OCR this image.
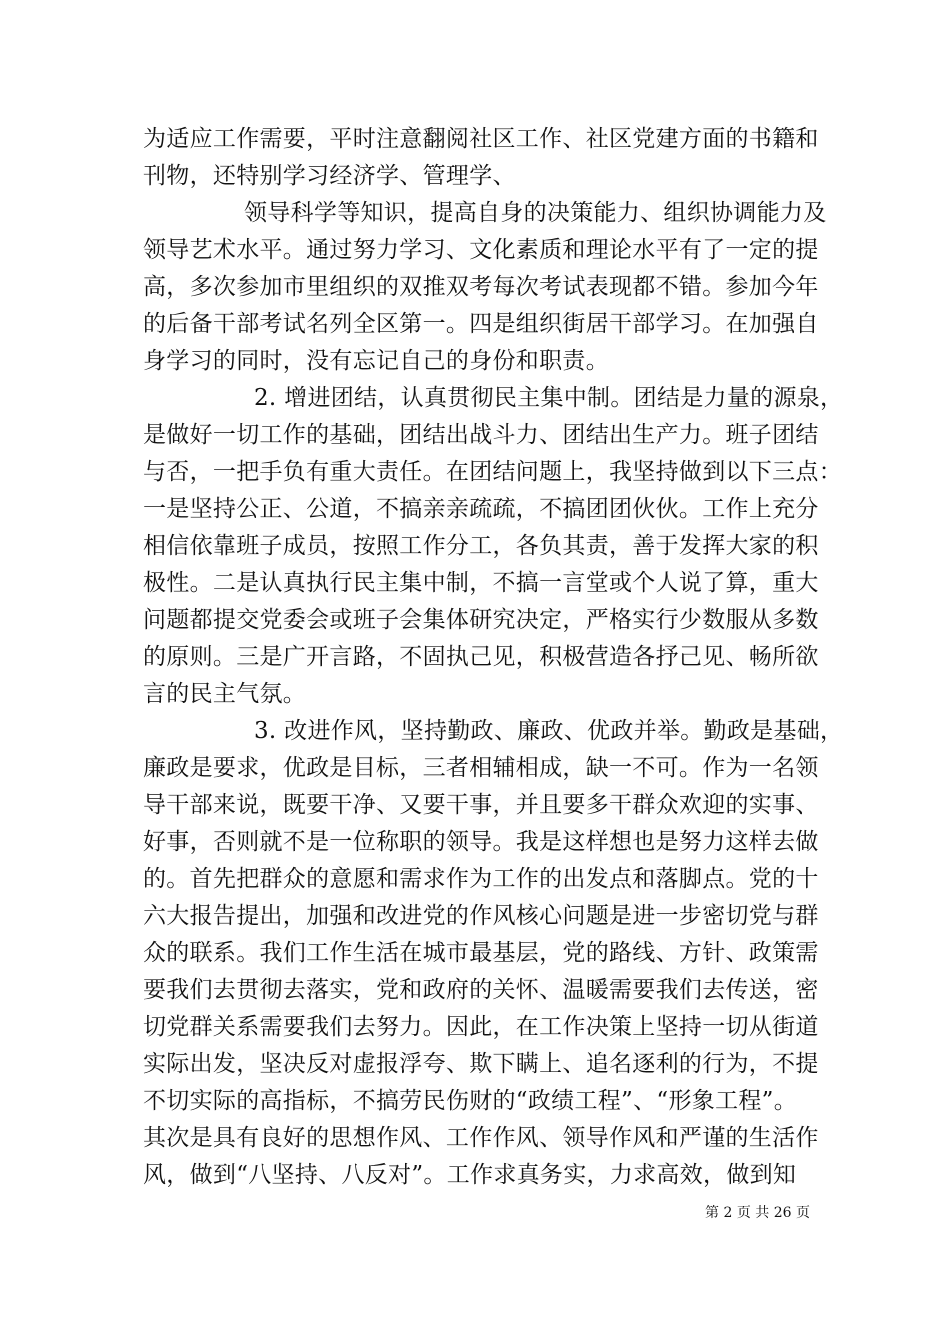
为适应工作需要，平时注意翻阅社区工作、社区党建方面的书籍和
刊物，还特别学习经济学、管理学、
领导科学等知识，提高自身的决策能力、组织协调能力及
领导艺术水平。通过努力学习、文化素质和理论水平有了一定的提
高，多次参加市里组织的双推双考每次考试表现都不错。参加今年
的后备干部考试名列全区第一。四是组织街居干部学习。在加强自
身学习的同时，没有忘记自己的身份和职责。
2. 增进团结，认真贯彻民主集中制。团结是力量的源泉，
是做好一切工作的基础，团结出战斗力、团结出生产力。班子团结
与否，一把手负有重大责任。在团结问题上，我坚持做到以下三点：
一是坚持公正、公道，不搞亲亲疏疏，不搞团团伙伙。工作上充分
相信依靠班子成员，按照工作分工，各负其责，善于发挥大家的积
极性。二是认真执行民主集中制，不搞一言堂或个人说了算，重大
问题都提交党委会或班子会集体研究决定，严格实行少数服从多数
的原则。三是广开言路，不固执己见，积极营造各抒己见、畅所欲
言的民主气氛。
3. 改进作风，坚持勤政、廉政、优政并举。勤政是基础，
廉政是要求，优政是目标，三者相辅相成，缺一不可。作为一名领
导干部来说，既要干净、又要干事，并且要多干群众欢迎的实事、
好事，否则就不是一位称职的领导。我是这样想也是努力这样去做
的。首先把群众的意愿和需求作为工作的出发点和落脚点。党的十
六大报告提出，加强和改进党的作风核心问题是进一步密切党与群
众的联系。我们工作生活在城市最基层，党的路线、方针、政策需
要我们去贯彻去落实，党和政府的关怀、温暖需要我们去传送，密
切党群关系需要我们去努力。因此，在工作决策上坚持一切从街道
实际出发，坚决反对虚报浮夸、欺下瞒上、追名逐利的行为，不提
不切实际的高指标，不搞劳民伤财的“政绩工程”、“形象工程”。
其次是具有良好的思想作风、工作作风、领导作风和严谨的生活作
风，做到“八坚持、八反对”。工作求真务实，力求高效，做到知
第 2 页 共 26 页
